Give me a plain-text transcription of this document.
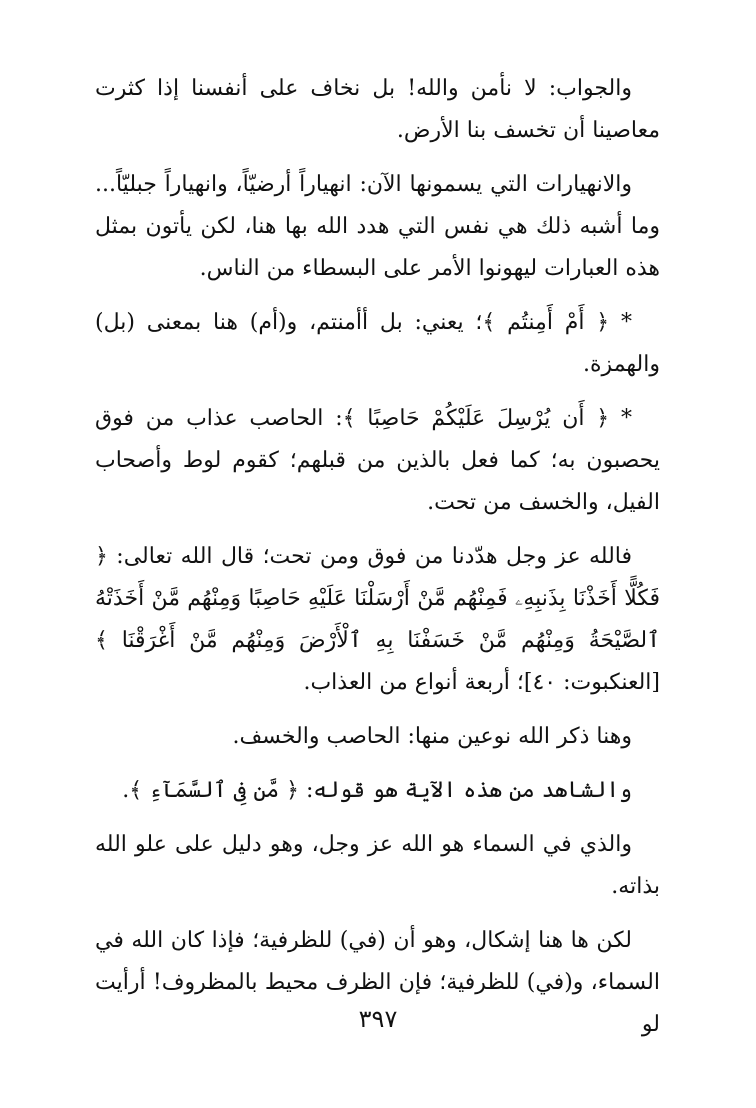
والجواب: لا نأمن والله! بل نخاف على أنفسنا إذا كثرت معاصينا أن تخسف بنا الأرض.

والانهيارات التي يسمونها الآن: انهياراً أرضيّاً، وانهياراً جبليّاً... وما أشبه ذلك هي نفس التي هدد الله بها هنا، لكن يأتون بمثل هذه العبارات ليهونوا الأمر على البسطاء من الناس.

* ﴿ أَمْ أَمِنتُم ﴾؛ يعني: بل أأمنتم، و(أم) هنا بمعنى (بل) والهمزة.

* ﴿ أَن يُرْسِلَ عَلَيْكُمْ حَاصِبًا ﴾: الحاصب عذاب من فوق يحصبون به؛ كما فعل بالذين من قبلهم؛ كقوم لوط وأصحاب الفيل، والخسف من تحت.

فالله عز وجل هدّدنا من فوق ومن تحت؛ قال الله تعالى: ﴿ فَكُلًّا أَخَذْنَا بِذَنبِهِۦ فَمِنْهُم مَّنْ أَرْسَلْنَا عَلَيْهِ حَاصِبًا وَمِنْهُم مَّنْ أَخَذَتْهُ ٱلصَّيْحَةُ وَمِنْهُم مَّنْ خَسَفْنَا بِهِ ٱلْأَرْضَ وَمِنْهُم مَّنْ أَغْرَقْنَا ﴾ [العنكبوت: ٤٠]؛ أربعة أنواع من العذاب.

وهنا ذكر الله نوعين منها: الحاصب والخسف.

والشاهد من هذه الآية هو قوله: ﴿ مَّن فِى ٱلسَّمَآءِ ﴾.

والذي في السماء هو الله عز وجل، وهو دليل على علو الله بذاته.

لكن ها هنا إشكال، وهو أن (في) للظرفية؛ فإذا كان الله في السماء، و(في) للظرفية؛ فإن الظرف محيط بالمظروف! أرأيت لو

٣٩٧
